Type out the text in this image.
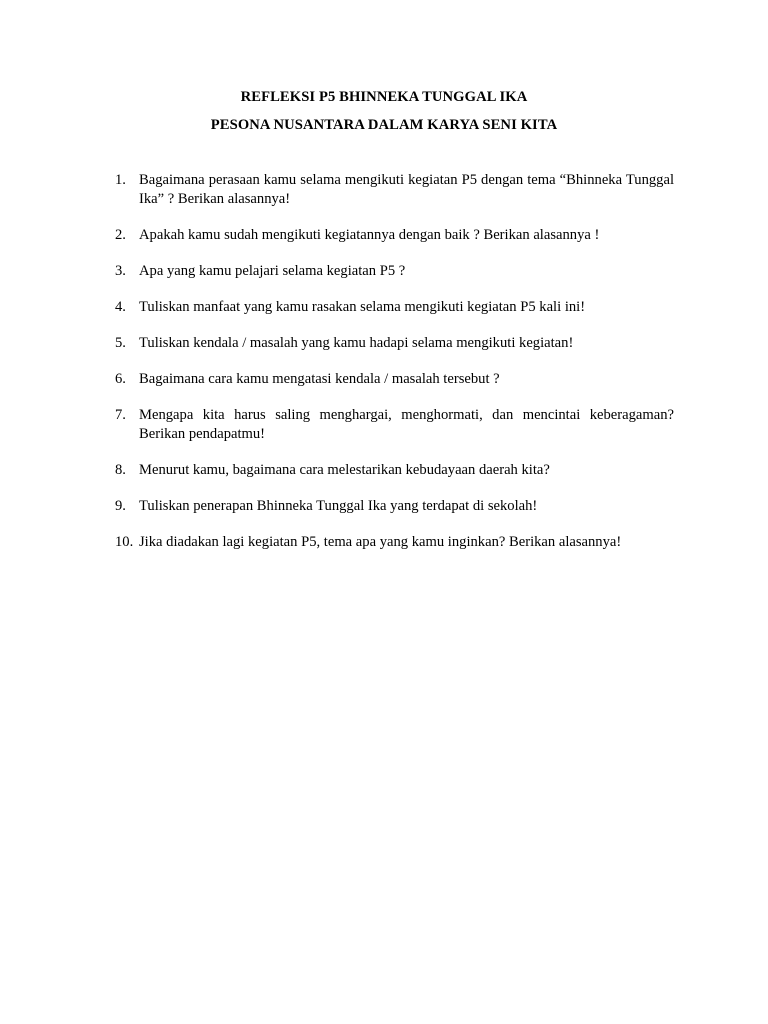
REFLEKSI P5 BHINNEKA TUNGGAL IKA
PESONA NUSANTARA DALAM KARYA SENI KITA
1. Bagaimana perasaan kamu selama mengikuti kegiatan P5 dengan tema “Bhinneka Tunggal Ika” ? Berikan alasannya!
2. Apakah kamu sudah mengikuti kegiatannya dengan baik ? Berikan alasannya !
3. Apa yang kamu pelajari selama kegiatan P5 ?
4. Tuliskan manfaat yang kamu rasakan selama mengikuti kegiatan P5 kali ini!
5. Tuliskan kendala / masalah yang kamu hadapi selama mengikuti kegiatan!
6. Bagaimana cara kamu mengatasi kendala / masalah tersebut ?
7. Mengapa kita harus saling menghargai, menghormati, dan mencintai keberagaman? Berikan pendapatmu!
8. Menurut kamu, bagaimana cara melestarikan kebudayaan daerah kita?
9. Tuliskan penerapan Bhinneka Tunggal Ika yang terdapat di sekolah!
10. Jika diadakan lagi kegiatan P5, tema apa yang kamu inginkan? Berikan alasannya!
